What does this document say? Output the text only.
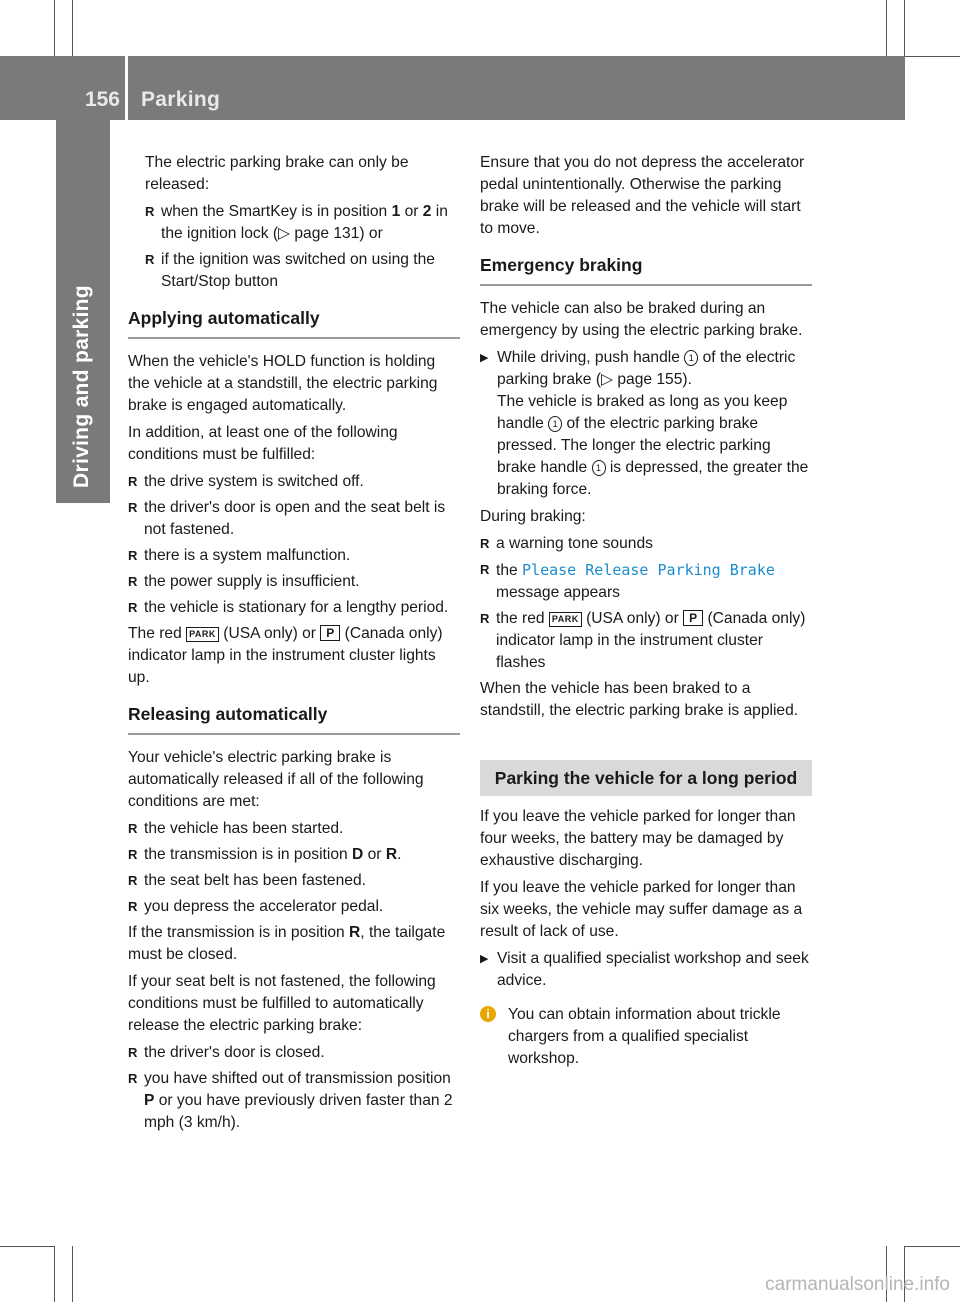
156 Parking
Driving and parking

The electric parking brake can only be released:

R when the SmartKey is in position 1 or 2 in the ignition lock (▷ page 131) or
R if the ignition was switched on using the Start/Stop button
Applying automatically

When the vehicle's HOLD function is holding the vehicle at a standstill, the electric parking brake is engaged automatically.

In addition, at least one of the following conditions must be fulfilled:

R the drive system is switched off.
R the driver's door is open and the seat belt is not fastened.
R there is a system malfunction.
R the power supply is insufficient.
R the vehicle is stationary for a lengthy period.

The red PARK (USA only) or P (Canada only) indicator lamp in the instrument cluster lights up.

Releasing automatically

Your vehicle's electric parking brake is automatically released if all of the following conditions are met:

R the vehicle has been started.
R the transmission is in position D or R.
R the seat belt has been fastened.
R you depress the accelerator pedal.

If the transmission is in position R, the tailgate must be closed.

If your seat belt is not fastened, the following conditions must be fulfilled to automatically release the electric parking brake:

R the driver's door is closed.
R you have shifted out of transmission position P or you have previously driven faster than 2 mph (3 km/h).

Ensure that you do not depress the accelerator pedal unintentionally. Otherwise the parking brake will be released and the vehicle will start to move.

Emergency braking

The vehicle can also be braked during an emergency by using the electric parking brake.

▶ While driving, push handle 1 of the electric parking brake (▷ page 155).
The vehicle is braked as long as you keep handle 1 of the electric parking brake pressed. The longer the electric parking brake handle 1 is depressed, the greater the braking force.

During braking:

R a warning tone sounds
R the Please Release Parking Brake message appears
R the red PARK (USA only) or P (Canada only) indicator lamp in the instrument cluster flashes

When the vehicle has been braked to a standstill, the electric parking brake is applied.

Parking the vehicle for a long period

If you leave the vehicle parked for longer than four weeks, the battery may be damaged by exhaustive discharging.

If you leave the vehicle parked for longer than six weeks, the vehicle may suffer damage as a result of lack of use.

▶ Visit a qualified specialist workshop and seek advice.
i	You can obtain information about trickle chargers from a qualified specialist workshop.
carmanualsonline.info
